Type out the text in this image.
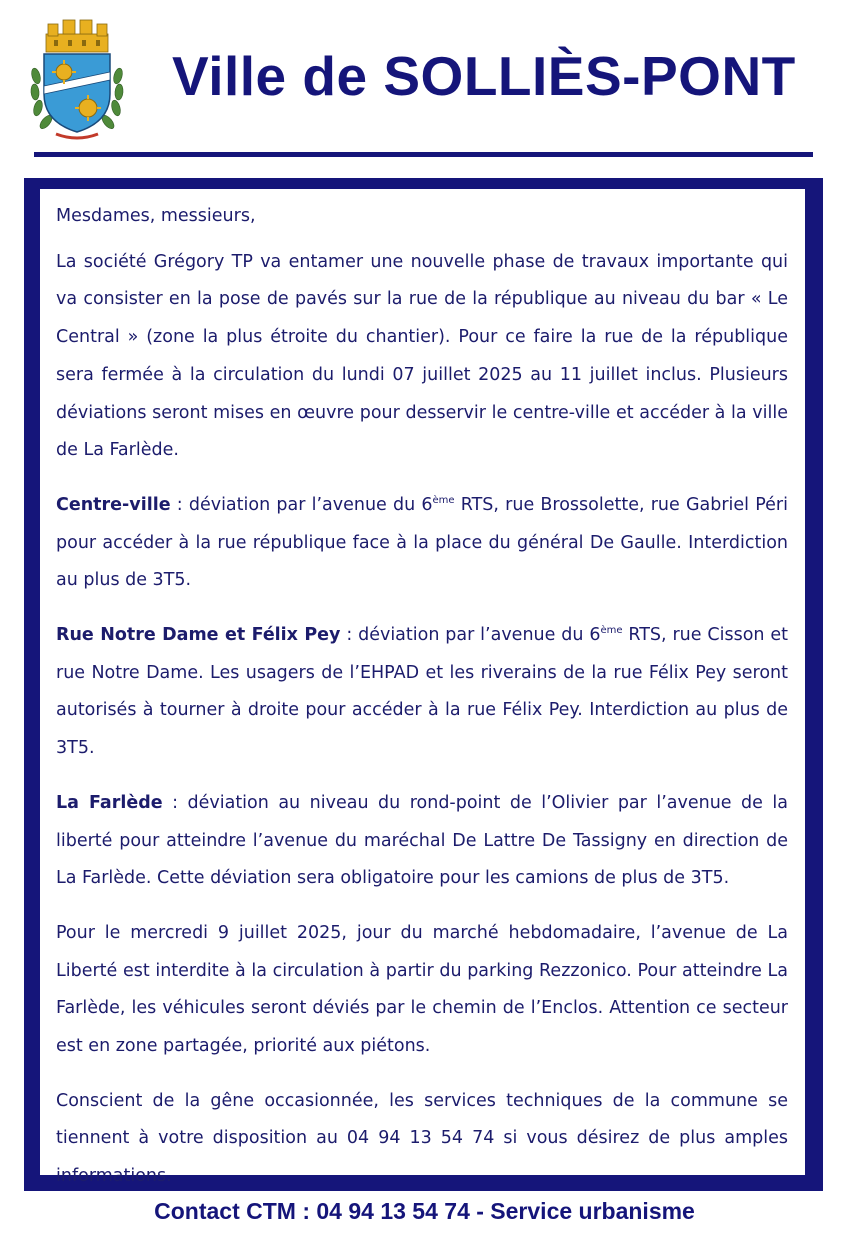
Ville de SOLLIÈS-PONT

Mesdames, messieurs,

La société Grégory TP va entamer une nouvelle phase de travaux importante qui va consister en la pose de pavés sur la rue de la république au niveau du bar « Le Central » (zone la plus étroite du chantier). Pour ce faire la rue de la république sera fermée à la circulation du lundi 07 juillet 2025 au 11 juillet inclus. Plusieurs déviations seront mises en œuvre pour desservir le centre-ville et accéder à la ville de La Farlède.

Centre-ville : déviation par l’avenue du 6ème RTS, rue Brossolette, rue Gabriel Péri pour accéder à la rue république face à la place du général De Gaulle. Interdiction au plus de 3T5.

Rue Notre Dame et Félix Pey : déviation par l’avenue du 6ème RTS, rue Cisson et rue Notre Dame. Les usagers de l’EHPAD et les riverains de la rue Félix Pey seront autorisés à tourner à droite pour accéder à la rue Félix Pey. Interdiction au plus de 3T5.

La Farlède : déviation au niveau du rond-point de l’Olivier par l’avenue de la liberté pour atteindre l’avenue du maréchal De Lattre De Tassigny en direction de La Farlède. Cette déviation sera obligatoire pour les camions de plus de 3T5.

Pour le mercredi 9 juillet 2025, jour du marché hebdomadaire, l’avenue de La Liberté est interdite à la circulation à partir du parking Rezzonico. Pour atteindre La Farlède, les véhicules seront déviés par le chemin de l’Enclos. Attention ce secteur est en zone partagée, priorité aux piétons.

Conscient de la gêne occasionnée, les services techniques de la commune se tiennent à votre disposition au 04 94 13 54 74 si vous désirez de plus amples informations.

Contact CTM : 04 94 13 54 74 - Service urbanisme
